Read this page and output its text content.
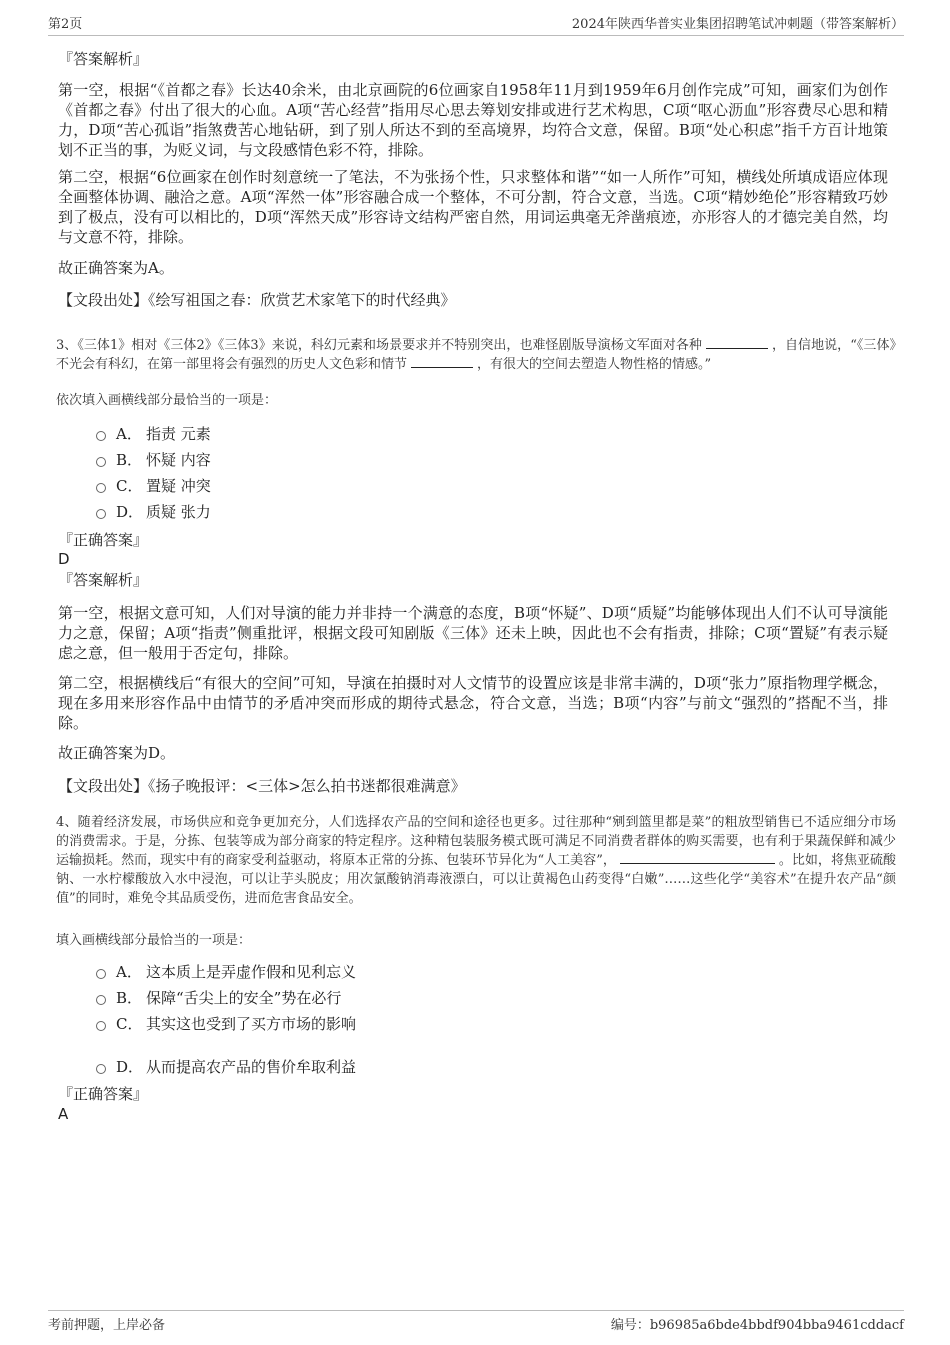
第2页	2024年陕西华普实业集团招聘笔试冲刺题（带答案解析）
『答案解析』
第一空，根据“《首都之春》长达40余米，由北京画院的6位画家自1958年11月到1959年6月创作完成”可知，画家们为创作《首都之春》付出了很大的心血。A项“苦心经营”指用尽心思去筹划安排或进行艺术构思，C项“呕心沥血”形容费尽心思和精力，D项“苦心孤诣”指煞费苦心地钻研，到了别人所达不到的至高境界，均符合文意，保留。B项“处心积虑”指千方百计地策划不正当的事，为贬义词，与文段感情色彩不符，排除。
第二空，根据“6位画家在创作时刻意统一了笔法，不为张扬个性，只求整体和谐”“如一人所作”可知，横线处所填成语应体现全画整体协调、融洽之意。A项“浑然一体”形容融合成一个整体，不可分割，符合文意，当选。C项“精妙绝伦”形容精致巧妙到了极点，没有可以相比的，D项“浑然天成”形容诗文结构严密自然，用词运典毫无斧凿痕迹，亦形容人的才德完美自然，均与文意不符，排除。
故正确答案为A。
【文段出处】《绘写祖国之春：欣赏艺术家笔下的时代经典》
3、《三体1》相对《三体2》《三体3》来说，科幻元素和场景要求并不特别突出，也难怪剧版导演杨文军面对各种	，自信地说，“《三体》不光会有科幻，在第一部里将会有强烈的历史人文色彩和情节	，有很大的空间去塑造人物性格的情感。”
依次填入画横线部分最恰当的一项是：
A． 指责 元素
B． 怀疑 内容
C． 置疑 冲突
D． 质疑 张力
『正确答案』
D
『答案解析』
第一空，根据文意可知，人们对导演的能力并非持一个满意的态度，B项“怀疑”、D项“质疑”均能够体现出人们不认可导演能力之意，保留；A项“指责”侧重批评，根据文段可知剧版《三体》还未上映，因此也不会有指责，排除；C项“置疑”有表示疑虑之意，但一般用于否定句，排除。
第二空，根据横线后“有很大的空间”可知，导演在拍摄时对人文情节的设置应该是非常丰满的，D项“张力”原指物理学概念，现在多用来形容作品中由情节的矛盾冲突而形成的期待式悬念，符合文意，当选；B项“内容”与前文“强烈的”搭配不当，排除。
故正确答案为D。
【文段出处】《扬子晚报评：<三体>怎么拍书迷都很难满意》
4、随着经济发展，市场供应和竞争更加充分，人们选择农产品的空间和途径也更多。过往那种“剜到篮里都是菜”的粗放型销售已不适应细分市场的消费需求。于是，分拣、包装等成为部分商家的特定程序。这种精包装服务模式既可满足不同消费者群体的购买需要，也有利于果蔬保鲜和减少运输损耗。然而，现实中有的商家受利益驱动，将原本正常的分拣、包装环节异化为“人工美容”，	。比如，将焦亚硫酸钠、一水柠檬酸放入水中浸泡，可以让芋头脱皮；用次氯酸钠消毒液漂白，可以让黄褐色山药变得“白嫩”……这些化学“美容术”在提升农产品“颜值”的同时，难免令其品质受伤，进而危害食品安全。
填入画横线部分最恰当的一项是：
A． 这本质上是弄虚作假和见利忘义
B． 保障“舌尖上的安全”势在必行
C． 其实这也受到了买方市场的影响
D． 从而提高农产品的售价牟取利益
『正确答案』
A
考前押题，上岸必备	编号：b96985a6bde4bbdf904bba9461cddacf
